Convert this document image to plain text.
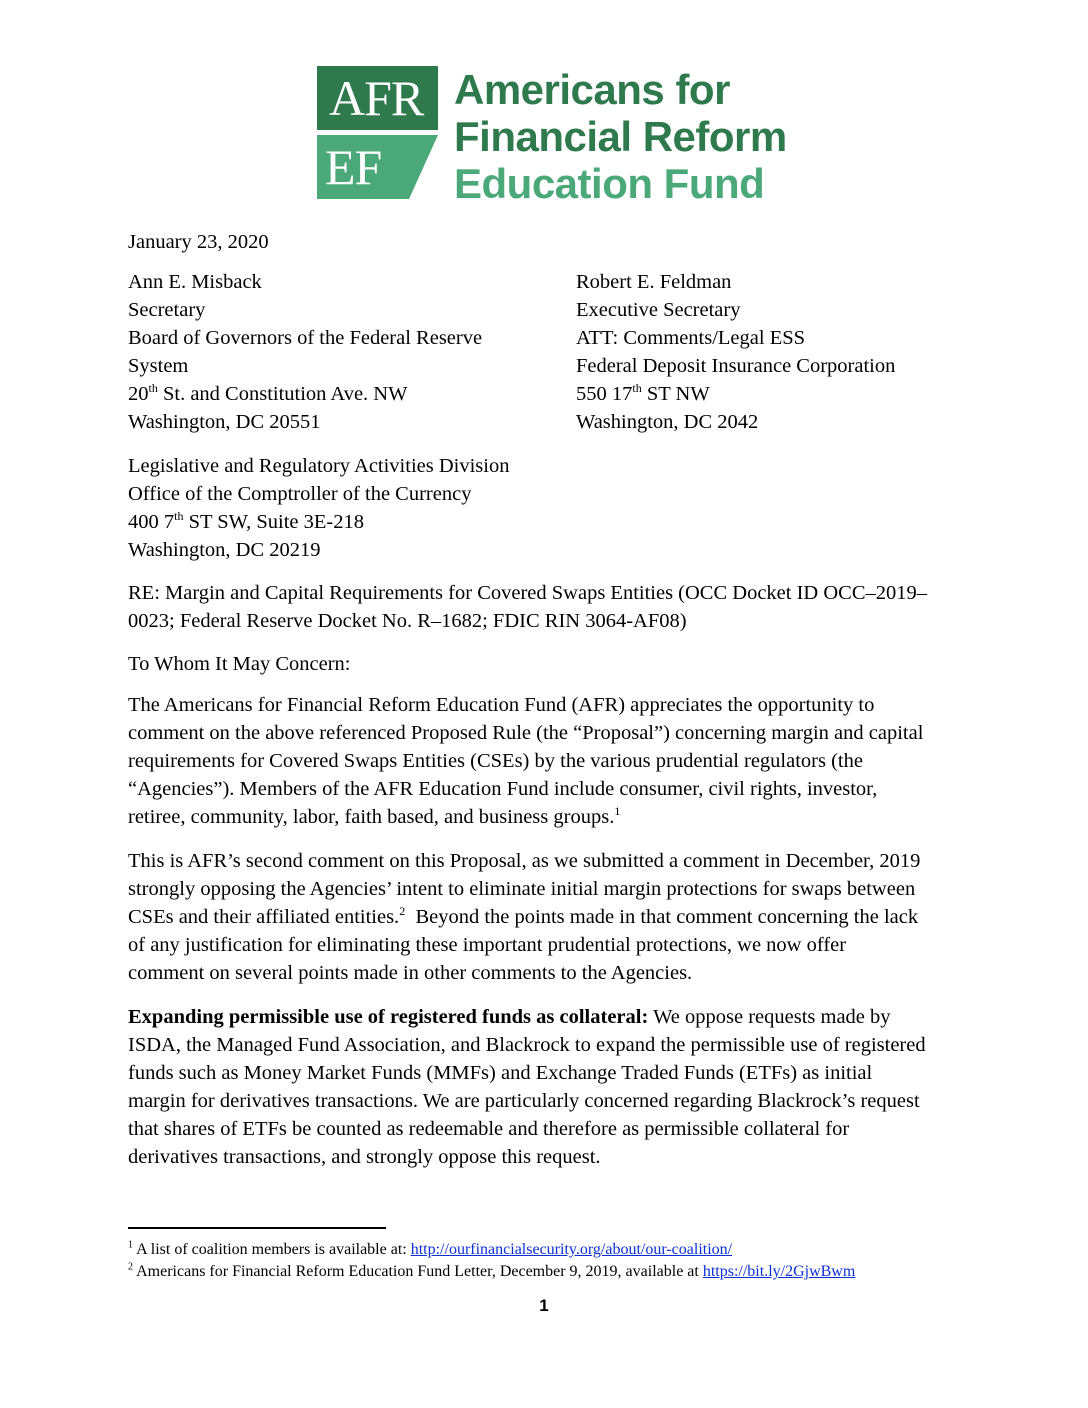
AFR
EF
Americans for
Financial Reform
Education Fund
January 23, 2020
Ann E. Misback
Secretary
Board of Governors of the Federal Reserve
System
20th St. and Constitution Ave. NW
Washington, DC 20551
Robert E. Feldman
Executive Secretary
ATT: Comments/Legal ESS
Federal Deposit Insurance Corporation
550 17th ST NW
Washington, DC 2042
Legislative and Regulatory Activities Division
Office of the Comptroller of the Currency
400 7th ST SW, Suite 3E-218
Washington, DC 20219
RE: Margin and Capital Requirements for Covered Swaps Entities (OCC Docket ID OCC–2019–
0023; Federal Reserve Docket No. R–1682; FDIC RIN 3064-AF08)
To Whom It May Concern:
The Americans for Financial Reform Education Fund (AFR) appreciates the opportunity to
comment on the above referenced Proposed Rule (the “Proposal”) concerning margin and capital
requirements for Covered Swaps Entities (CSEs) by the various prudential regulators (the
“Agencies”). Members of the AFR Education Fund include consumer, civil rights, investor,
retiree, community, labor, faith based, and business groups.$^1$
This is AFR’s second comment on this Proposal, as we submitted a comment in December, 2019
strongly opposing the Agencies’ intent to eliminate initial margin protections for swaps between
CSEs and their affiliated entities.$^2$  Beyond the points made in that comment concerning the lack
of any justification for eliminating these important prudential protections, we now offer
comment on several points made in other comments to the Agencies.
Expanding permissible use of registered funds as collateral: We oppose requests made by
ISDA, the Managed Fund Association, and Blackrock to expand the permissible use of registered
funds such as Money Market Funds (MMFs) and Exchange Traded Funds (ETFs) as initial
margin for derivatives transactions. We are particularly concerned regarding Blackrock’s request
that shares of ETFs be counted as redeemable and therefore as permissible collateral for
derivatives transactions, and strongly oppose this request.
$^1$ A list of coalition members is available at: http://ourfinancialsecurity.org/about/our-coalition/
$^2$ Americans for Financial Reform Education Fund Letter, December 9, 2019, available at https://bit.ly/2GjwBwm
1
